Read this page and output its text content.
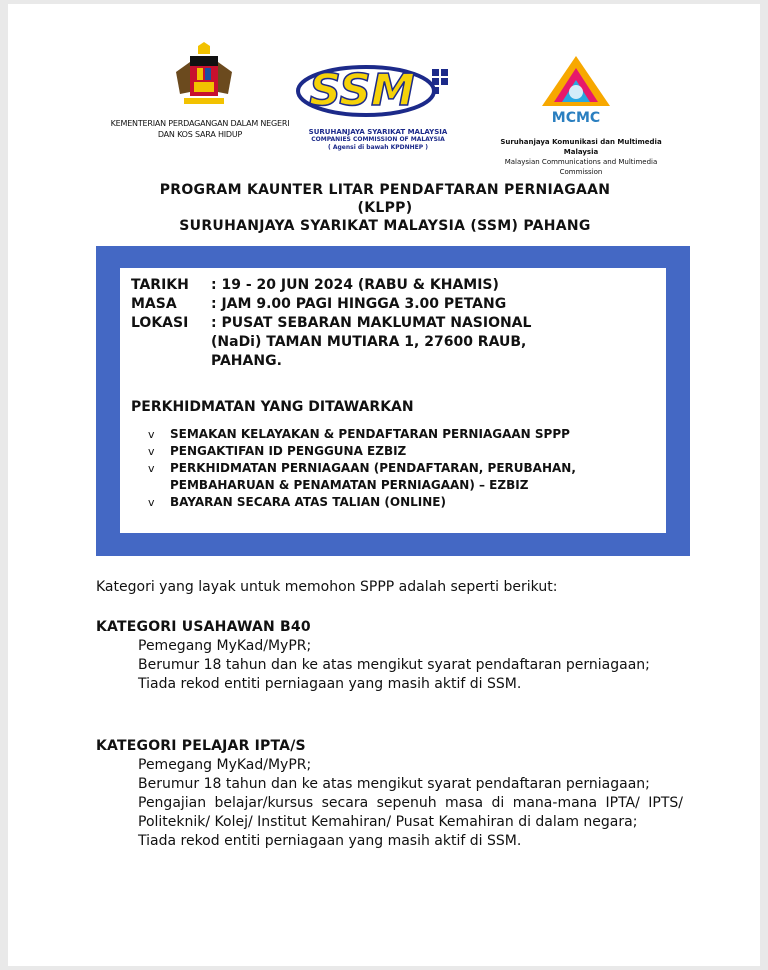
KEMENTERIAN PERDAGANGAN DALAM NEGERI
DAN KOS SARA HIDUP
SSM
SURUHANJAYA SYARIKAT MALAYSIA
COMPANIES COMMISSION OF MALAYSIA
( Agensi di bawah KPDNHEP )
MCMC
Suruhanjaya Komunikasi dan Multimedia Malaysia
Malaysian Communications and Multimedia Commission
PROGRAM KAUNTER LITAR PENDAFTARAN PERNIAGAAN
(KLPP)
SURUHANJAYA SYARIKAT MALAYSIA (SSM) PAHANG
TARIKH	: 19 - 20 JUN 2024 (RABU & KHAMIS)
MASA	: JAM 9.00 PAGI HINGGA 3.00 PETANG
LOKASI	: PUSAT SEBARAN MAKLUMAT NASIONAL
(NaDi) TAMAN MUTIARA 1, 27600 RAUB,
PAHANG.
PERKHIDMATAN YANG DITAWARKAN
v	SEMAKAN KELAYAKAN & PENDAFTARAN PERNIAGAAN SPPP
v	PENGAKTIFAN ID PENGGUNA EZBIZ
v	PERKHIDMATAN PERNIAGAAN (PENDAFTARAN, PERUBAHAN, PEMBAHARUAN & PENAMATAN PERNIAGAAN) – EZBIZ
v	BAYARAN SECARA ATAS TALIAN (ONLINE)
Kategori yang layak untuk memohon SPPP adalah seperti berikut:
KATEGORI USAHAWAN B40
Pemegang MyKad/MyPR;
Berumur 18 tahun dan ke atas mengikut syarat pendaftaran perniagaan;
Tiada rekod entiti perniagaan yang masih aktif di SSM.
KATEGORI PELAJAR IPTA/S
Pemegang MyKad/MyPR;
Berumur 18 tahun dan ke atas mengikut syarat pendaftaran perniagaan;
Pengajian belajar/kursus secara sepenuh masa di mana-mana IPTA/ IPTS/ Politeknik/ Kolej/ Institut Kemahiran/ Pusat Kemahiran di dalam negara;
Tiada rekod entiti perniagaan yang masih aktif di SSM.
